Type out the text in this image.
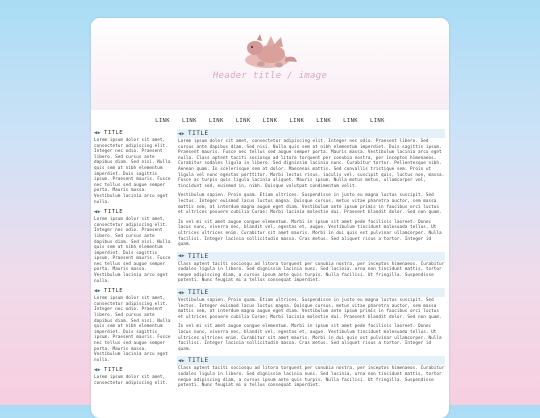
Header title / image
LINK	LINK	LINK	LINK	LINK	LINK	LINK	LINK	LINK
◀▶ TITLE
Lorem ipsum dolor sit amet, consectetur adipiscing elit. Integer nec odio. Praesent libero. Sed cursus ante dapibus diam. Sed nisi. Nulla quis sem at nibh elementum imperdiet. Duis sagittis ipsum. Praesent mauris. Fusce nec tellus sed augue semper porta. Mauris massa. Vestibulum lacinia arcu eget nulla.
◀▶ TITLE
Lorem ipsum dolor sit amet, consectetur adipiscing elit. Integer nec odio. Praesent libero. Sed cursus ante dapibus diam. Sed nisi. Nulla quis sem at nibh elementum imperdiet. Duis sagittis ipsum. Praesent mauris. Fusce nec tellus sed augue semper porta. Mauris massa. Vestibulum lacinia arcu eget nulla.
◀▶ TITLE
Lorem ipsum dolor sit amet, consectetur adipiscing elit. Integer nec odio. Praesent libero. Sed cursus ante dapibus diam. Sed nisi. Nulla quis sem at nibh elementum imperdiet. Duis sagittis ipsum. Praesent mauris. Fusce nec tellus sed augue semper porta. Mauris massa. Vestibulum lacinia arcu eget nulla.
◀▶ TITLE
Lorem ipsum dolor sit amet, consectetur adipiscing elit.
◀▶ TITLE
Lorem ipsum dolor sit amet, consectetur adipiscing elit. Integer nec odio. Praesent libero. Sed cursus ante dapibus diam. Sed nisi. Nulla quis sem at nibh elementum imperdiet. Duis sagittis ipsum. Praesent mauris. Fusce nec tellus sed augue semper porta. Mauris massa. Vestibulum lacinia arcu eget nulla. Class aptent taciti sociosqu ad litora torquent per conubia nostra, per inceptos himenaeos. Curabitur sodales ligula in libero. Sed dignissim lacinia nunc. Curabitur tortor. Pellentesque nibh. Aenean quam. In scelerisque sem at dolor. Maecenas mattis. Sed convallis tristique sem. Proin ut ligula vel nunc egestas porttitor. Morbi lectus risus, iaculis vel, suscipit quis, luctus non, massa. Fusce ac turpis quis ligula lacinia aliquet. Mauris ipsum. Nulla metus metus, ullamcorper vel, tincidunt sed, euismod in, nibh. Quisque volutpat condimentum velit.
Vestibulum sapien. Proin quam. Etiam ultrices. Suspendisse in justo eu magna luctus suscipit. Sed lectus. Integer euismod lacus luctus magna. Quisque cursus, metus vitae pharetra auctor, sem massa mattis sem, at interdum magna augue eget diam. Vestibulum ante ipsum primis in faucibus orci luctus et ultrices posuere cubilia Curae; Morbi lacinia molestie dui. Praesent blandit dolor. Sed non quam.
In vel mi sit amet augue congue elementum. Morbi in ipsum sit amet pede facilisis laoreet. Donec lacus nunc, viverra nec, blandit vel, egestas et, augue. Vestibulum tincidunt malesuada tellus. Ut ultrices ultrices enim. Curabitur sit amet mauris. Morbi in dui quis est pulvinar ullamcorper. Nulla facilisi. Integer lacinia sollicitudin massa. Cras metus. Sed aliquet risus a tortor. Integer id quam.
◀▶ TITLE
Class aptent taciti sociosqu ad litora torquent per conubia nostra, per inceptos himenaeos. Curabitur sodales ligula in libero. Sed dignissim lacinia nunc. Sed lacinia, urna non tincidunt mattis, tortor neque adipiscing diam, a cursus ipsum ante quis turpis. Nulla facilisi. Ut fringilla. Suspendisse potenti. Nunc feugiat mi a tellus consequat imperdiet.
◀▶ TITLE
Vestibulum sapien. Proin quam. Etiam ultrices. Suspendisse in justo eu magna luctus suscipit. Sed lectus. Integer euismod lacus luctus magna. Quisque cursus, metus vitae pharetra auctor, sem massa mattis sem, at interdum magna augue eget diam. Vestibulum ante ipsum primis in faucibus orci luctus et ultrices posuere cubilia Curae; Morbi lacinia molestie dui. Praesent blandit dolor. Sed non quam.
In vel mi sit amet augue congue elementum. Morbi in ipsum sit amet pede facilisis laoreet. Donec lacus nunc, viverra nec, blandit vel, egestas et, augue. Vestibulum tincidunt malesuada tellus. Ut ultrices ultrices enim. Curabitur sit amet mauris. Morbi in dui quis est pulvinar ullamcorper. Nulla facilisi. Integer lacinia sollicitudin massa. Cras metus. Sed aliquet risus a tortor. Integer id quam.
◀▶ TITLE
Class aptent taciti sociosqu ad litora torquent per conubia nostra, per inceptos himenaeos. Curabitur sodales ligula in libero. Sed dignissim lacinia nunc. Sed lacinia, urna non tincidunt mattis, tortor neque adipiscing diam, a cursus ipsum ante quis turpis. Nulla facilisi. Ut fringilla. Suspendisse potenti. Nunc feugiat mi a tellus consequat imperdiet.
